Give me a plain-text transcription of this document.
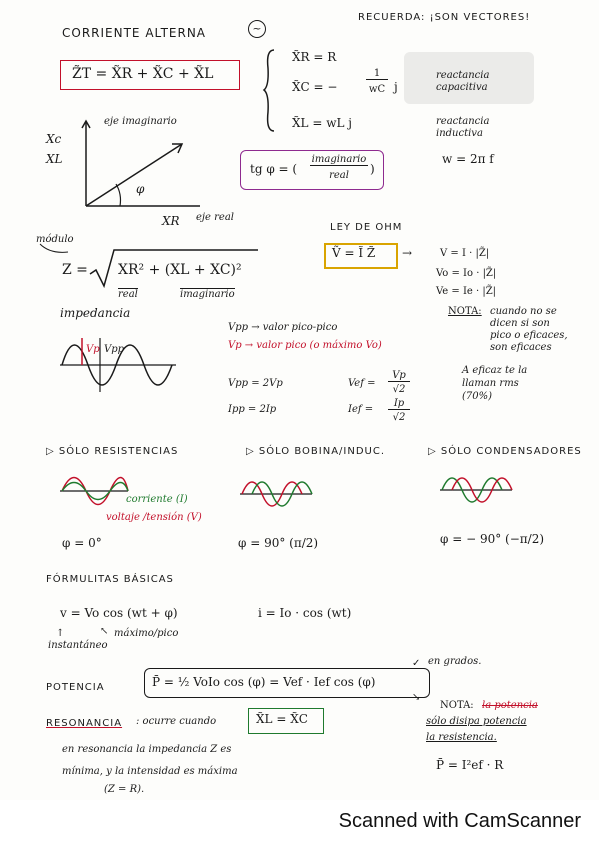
CORRIENTE ALTERNA	~
RECUERDA: ¡SON VECTORES!
Z̃T = X̃R + X̃C + X̃L
X̃R = R
X̃C = −
1
wC j
X̃L = wL j
reactancia capacitiva
reactancia inductiva
w = 2π f
Xc
XL
eje imaginario
φ
XR eje real
tg φ = (
imaginario
real	)
LEY DE OHM
Ṽ = Ĩ Z̃ →	V = I · |Z̃|
Vo = Io · |Z̃|
Ve = Ie · |Z̃|
módulo
Z = XR² + (XL + XC)²
real	imaginario
impedancia
Vp Vpp
Vpp → valor pico-pico
Vp → valor pico (o máximo Vo)
Vpp = 2Vp
Ipp = 2Ip
Vef =
Vp
√2
Ief =
Ip
√2
NOTA: cuando no se dicen si son pico o eficaces, son eficaces
A eficaz te la llaman rms (70%)
▷ SÓLO RESISTENCIAS	▷ SÓLO BOBINA/INDUC.	▷ SÓLO CONDENSADORES
corriente (I)
voltaje /tensión (V)
φ = 0°	φ = 90° (π/2)	φ = − 90° (−π/2)
FÓRMULITAS BÁSICAS
v = Vo cos (wt + φ)	i = Io · cos (wt)
↑
instantáneo
↖ máximo/pico
POTENCIA	P̄ = ½ VoIo cos (φ) = Vef · Ief cos (φ)
✓ en grados.
RESONANCIA : ocurre cuando	X̃L = X̃C
en resonancia la impedancia Z es
mínima, y la intensidad es máxima
(Z = R).
↘
NOTA: la potencia
sólo disipa potencia
la resistencia.
P̄ = I²ef · R
Scanned with CamScanner
